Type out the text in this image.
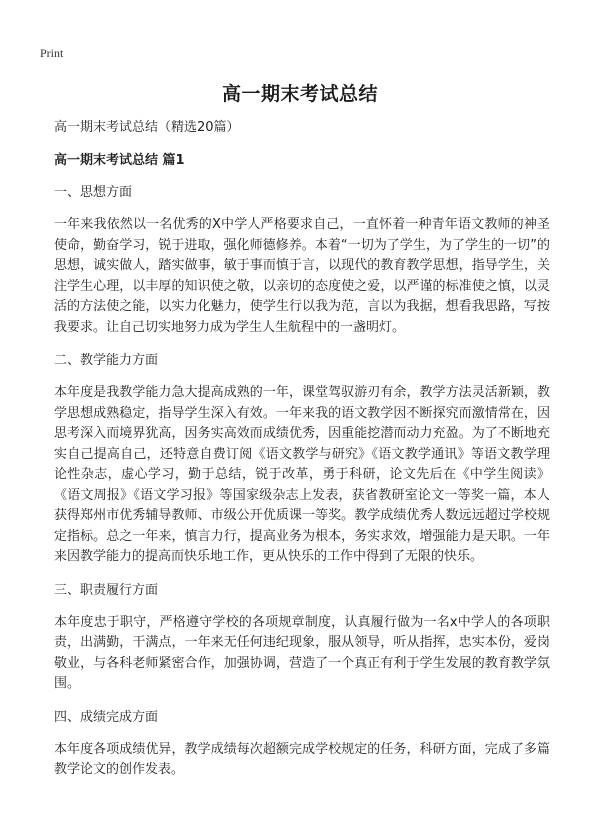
Print
高一期末考试总结

高一期末考试总结（精选20篇）

高一期末考试总结 篇1

一、思想方面

一年来我依然以一名优秀的X中学人严格要求自己，一直怀着一种青年语文教师的神圣使命，勤奋学习，锐于进取，强化师德修养。本着“一切为了学生，为了学生的一切”的思想，诚实做人，踏实做事，敏于事而慎于言，以现代的教育教学思想，指导学生，关注学生心理，以丰厚的知识使之敬，以亲切的态度使之爱，以严谨的标准使之慎，以灵活的方法使之能，以实力化魅力，使学生行以我为范，言以为我据，想看我思路，写按我要求。让自己切实地努力成为学生人生航程中的一盏明灯。

二、教学能力方面

本年度是我教学能力急大提高成熟的一年，课堂驾驭游刃有余，教学方法灵活新颖，教学思想成熟稳定，指导学生深入有效。一年来我的语文教学因不断探究而激情常在，因思考深入而境界犹高，因务实高效而成绩优秀，因重能挖潜而动力充盈。为了不断地充实自己提高自己，还特意自费订阅《语文教学与研究》《语文教学通讯》等语文教学理论性杂志，虚心学习，勤于总结，锐于改革，勇于科研，论文先后在《中学生阅读》《语文周报》《语文学习报》等国家级杂志上发表，获省教研室论文一等奖一篇，本人获得郑州市优秀辅导教师、市级公开优质课一等奖。教学成绩优秀人数远远超过学校规定指标。总之一年来，慎言力行，提高业务为根本，务实求效，增强能力是天职。一年来因教学能力的提高而快乐地工作，更从快乐的工作中得到了无限的快乐。

三、职责履行方面

本年度忠于职守，严格遵守学校的各项规章制度，认真履行做为一名x中学人的各项职责，出满勤，干满点，一年来无任何违纪现象，服从领导，听从指挥，忠实本份，爱岗敬业，与各科老师紧密合作，加强协调，营造了一个真正有利于学生发展的教育教学氛围。

四、成绩完成方面

本年度各项成绩优异，教学成绩每次超额完成学校规定的任务，科研方面，完成了多篇教学论文的创作发表。
